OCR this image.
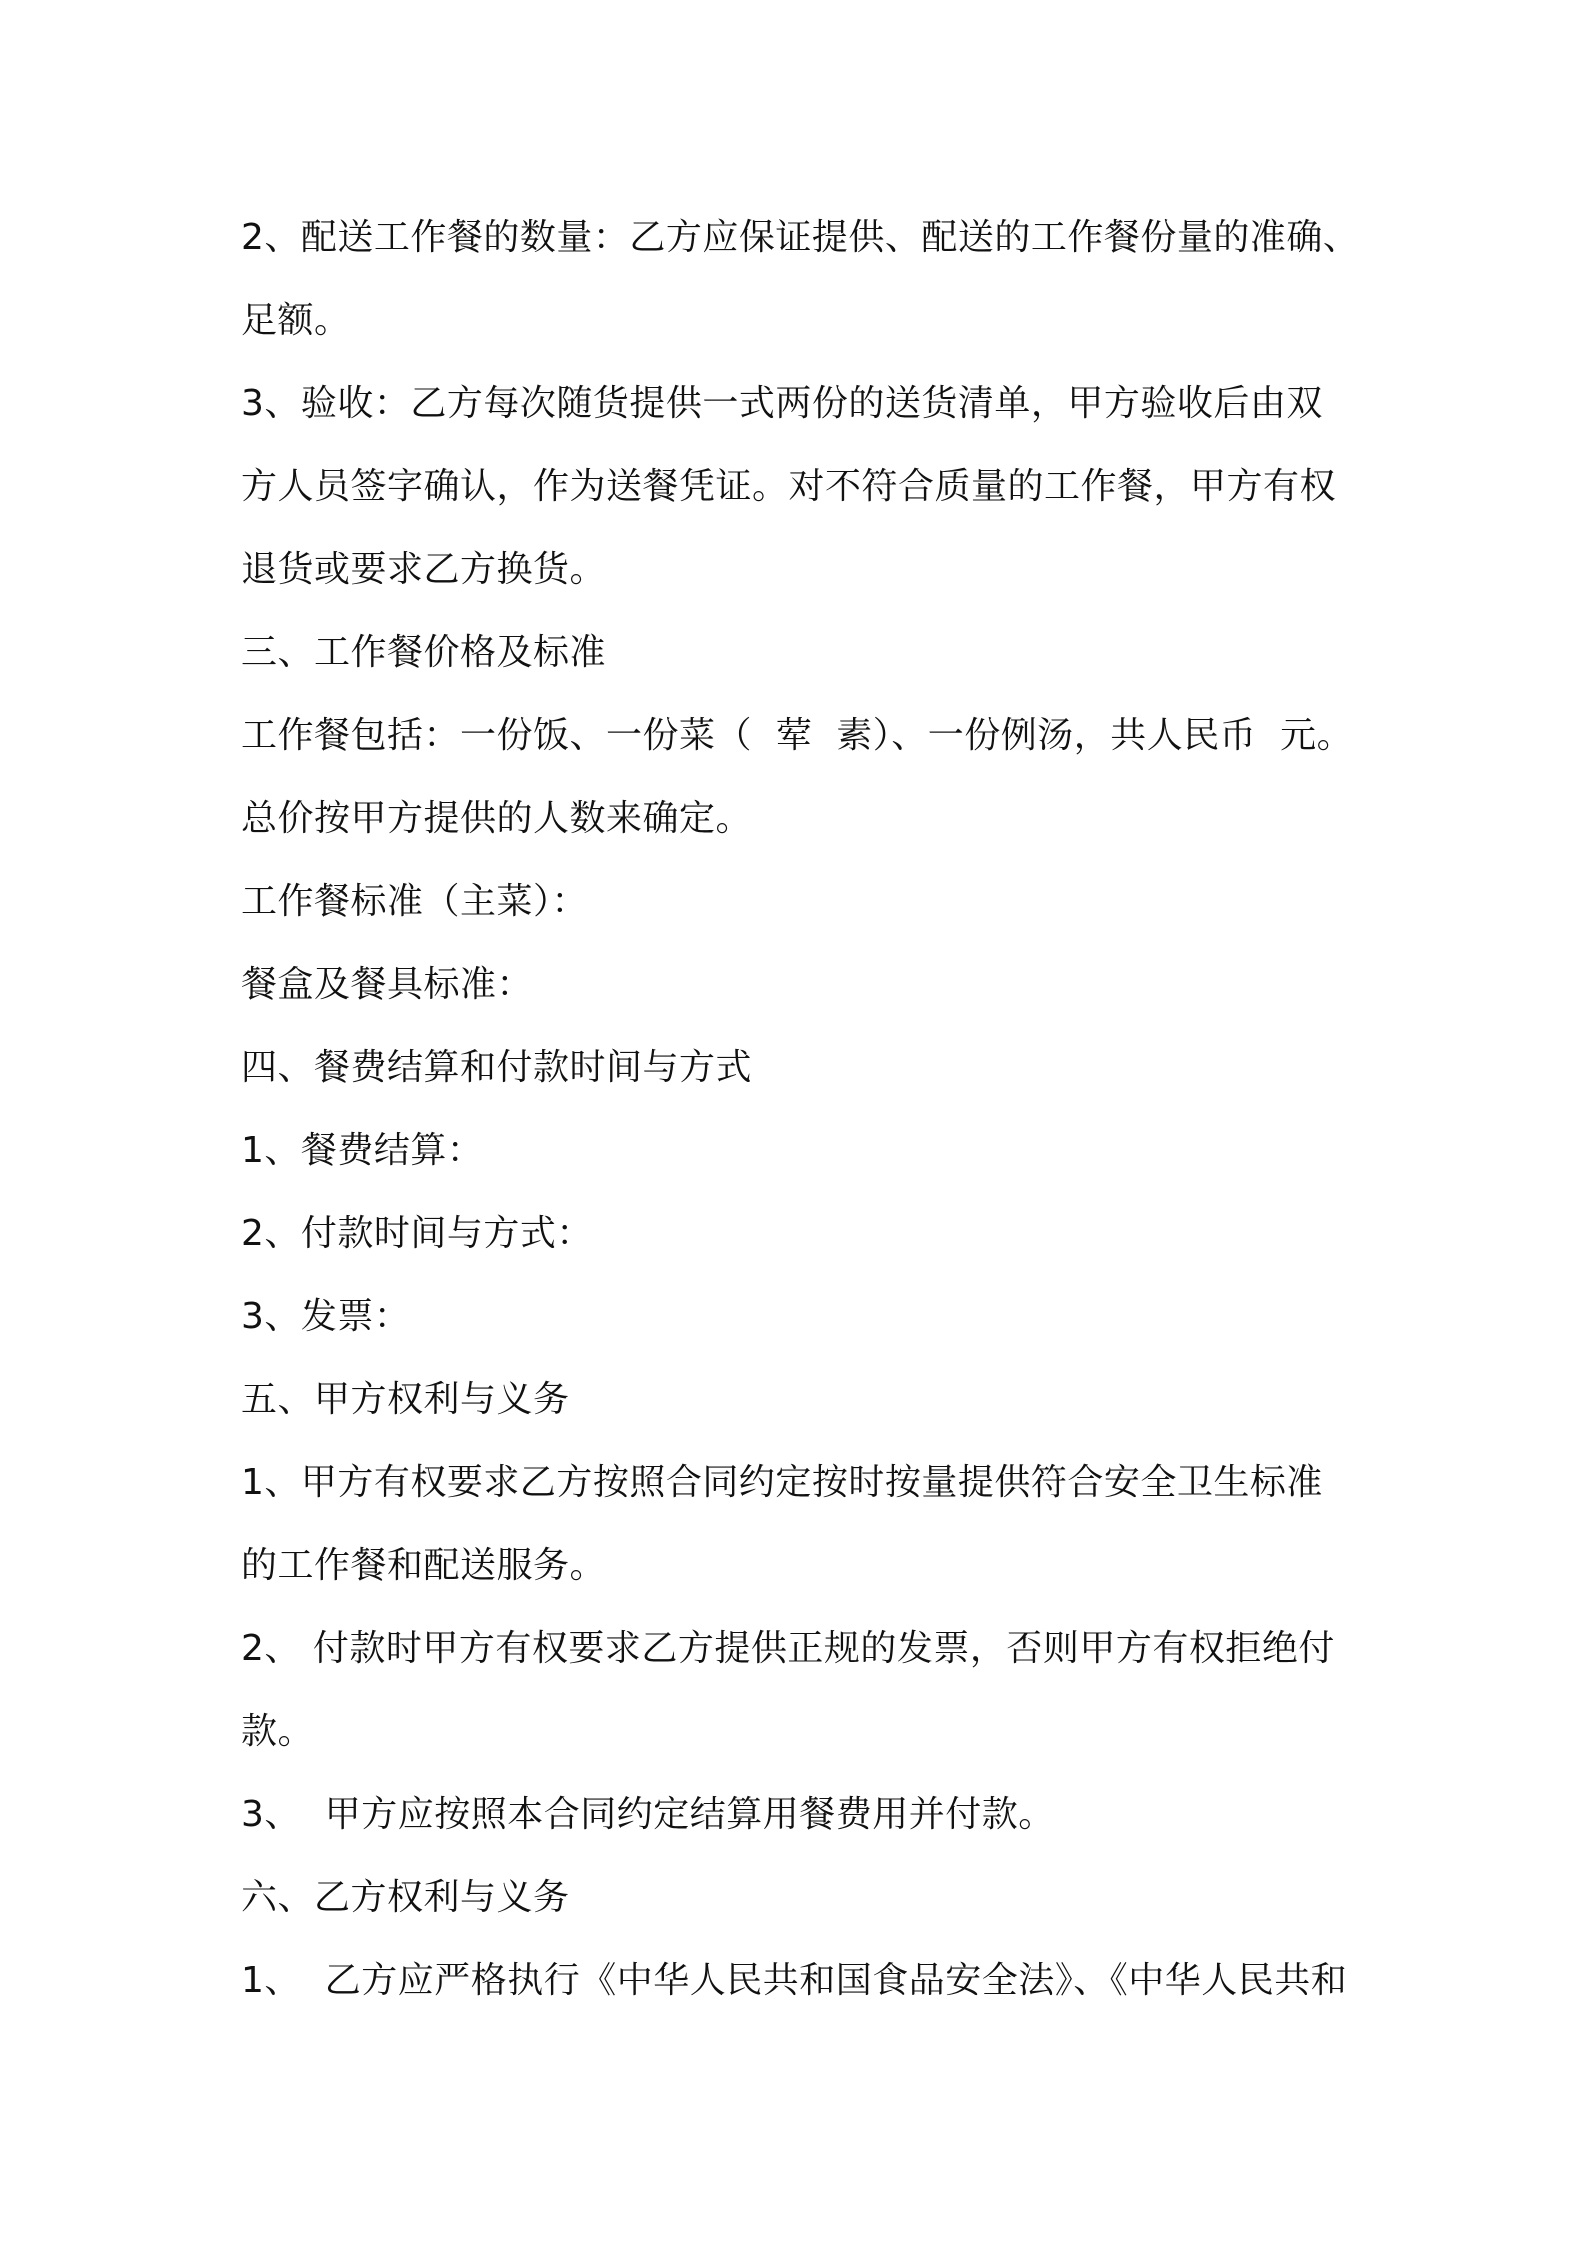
2、配送工作餐的数量：乙方应保证提供、配送的工作餐份量的准确、
足额。
3、验收：乙方每次随货提供一式两份的送货清单，甲方验收后由双
方人员签字确认，作为送餐凭证。对不符合质量的工作餐，甲方有权
退货或要求乙方换货。
三、工作餐价格及标准
工作餐包括：一份饭、一份菜（  荤  素）、一份例汤，共人民币  元。
总价按甲方提供的人数来确定。
工作餐标准（主菜）：
餐盒及餐具标准：
四、餐费结算和付款时间与方式
1、餐费结算：
2、付款时间与方式：
3、发票：
五、甲方权利与义务
1、甲方有权要求乙方按照合同约定按时按量提供符合安全卫生标准
的工作餐和配送服务。
2、 付款时甲方有权要求乙方提供正规的发票，否则甲方有权拒绝付
款。
3、  甲方应按照本合同约定结算用餐费用并付款。
六、乙方权利与义务
1、  乙方应严格执行《中华人民共和国食品安全法》、《中华人民共和
